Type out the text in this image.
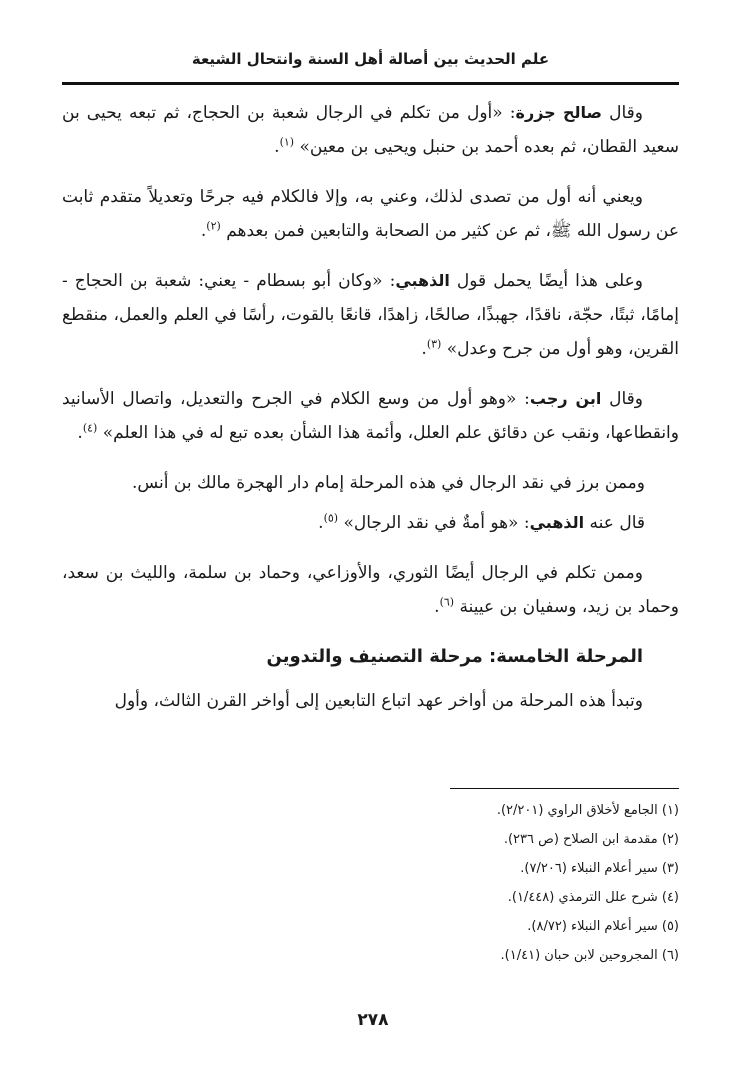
علم الحديث بين أصالة أهل السنة وانتحال الشيعة

وقال صالح جزرة: «أول من تكلم في الرجال شعبة بن الحجاج، ثم تبعه يحيى بن سعيد القطان، ثم بعده أحمد بن حنبل ويحيى بن معين» $^{(١)}$.

ويعني أنه أول من تصدى لذلك، وعني به، وإلا فالكلام فيه جرحًا وتعديلاً متقدم ثابت عن رسول الله ﷺ، ثم عن كثير من الصحابة والتابعين فمن بعدهم $^{(٢)}$.

وعلى هذا أيضًا يحمل قول الذهبي: «وكان أبو بسطام - يعني: شعبة بن الحجاج - إمامًا، ثبتًا، حجّة، ناقدًا، جهبذًا، صالحًا، زاهدًا، قانعًا بالقوت، رأسًا في العلم والعمل، منقطع القرين، وهو أول من جرح وعدل» $^{(٣)}$.

وقال ابن رجب: «وهو أول من وسع الكلام في الجرح والتعديل، واتصال الأسانيد وانقطاعها، ونقب عن دقائق علم العلل، وأئمة هذا الشأن بعده تبع له في هذا العلم» $^{(٤)}$.

وممن برز في نقد الرجال في هذه المرحلة إمام دار الهجرة مالك بن أنس.

قال عنه الذهبي: «هو أمةٌ في نقد الرجال» $^{(٥)}$.

وممن تكلم في الرجال أيضًا الثوري، والأوزاعي، وحماد بن سلمة، والليث بن سعد، وحماد بن زيد، وسفيان بن عيينة $^{(٦)}$.

المرحلة الخامسة: مرحلة التصنيف والتدوين

وتبدأ هذه المرحلة من أواخر عهد اتباع التابعين إلى أواخر القرن الثالث، وأول

(١) الجامع لأخلاق الراوي (٢/٢٠١).
(٢) مقدمة ابن الصلاح (ص ٢٣٦).
(٣) سير أعلام النبلاء (٧/٢٠٦).
(٤) شرح علل الترمذي (١/٤٤٨).
(٥) سير أعلام النبلاء (٨/٧٢).
(٦) المجروحين لابن حبان (١/٤١).
٢٧٨
